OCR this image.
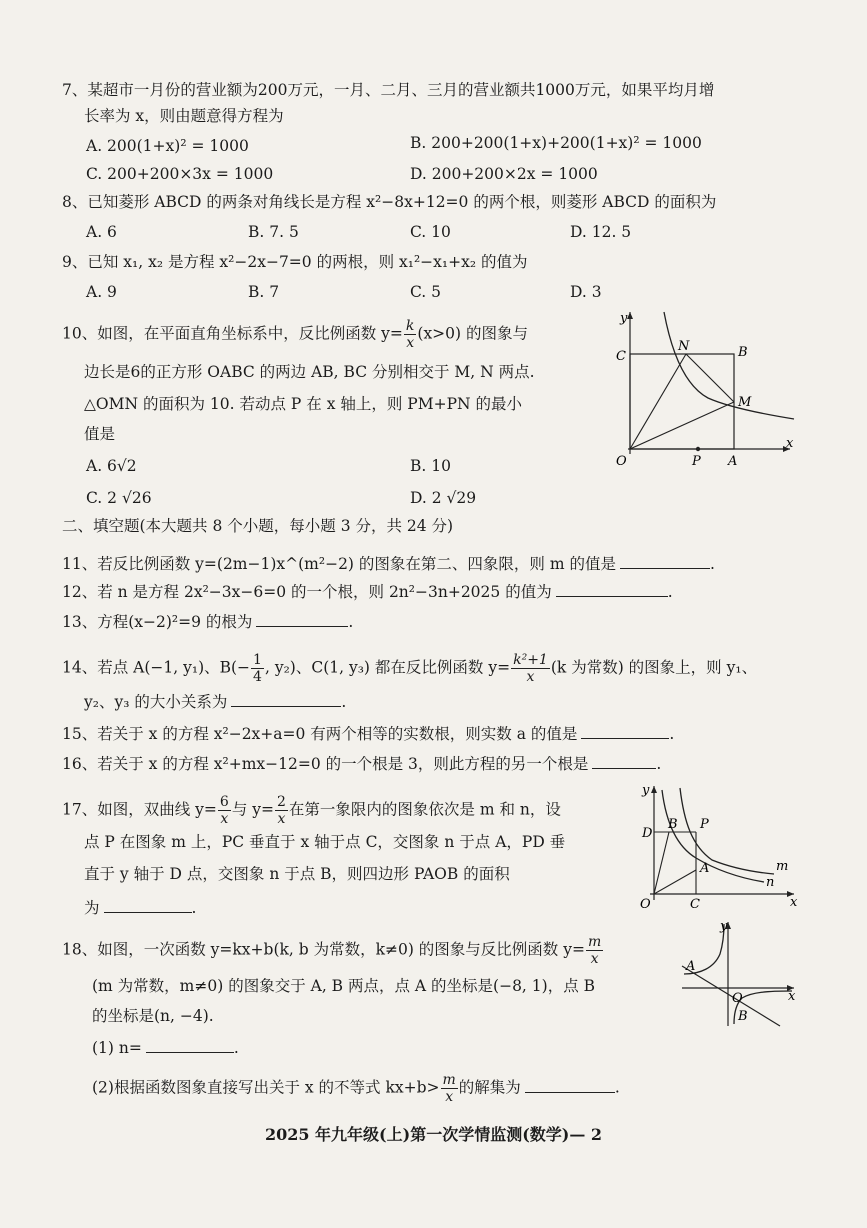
7、某超市一月份的营业额为200万元，一月、二月、三月的营业额共1000万元，如果平均月增
长率为 x，则由题意得方程为
A. 200(1+x)² = 1000	B. 200+200(1+x)+200(1+x)² = 1000
C. 200+200×3x = 1000	D. 200+200×2x = 1000
8、已知菱形 ABCD 的两条对角线长是方程 x²−8x+12=0 的两个根，则菱形 ABCD 的面积为
A. 6	B. 7. 5	C. 10	D. 12. 5
9、已知 x₁, x₂ 是方程 x²−2x−7=0 的两根，则 x₁²−x₁+x₂ 的值为
A. 9	B. 7	C. 5	D. 3
10、如图，在平面直角坐标系中，反比例函数 $y= \frac{k}{x} (x>0)$ 的图象与
边长是6的正方形 OABC 的两边 AB, BC 分别相交于 M, N 两点.
△OMN 的面积为 10. 若动点 P 在 x 轴上，则 PM+PN 的最小
值是
A. 6√2	B. 10
C. 2 √26	D. 2 √29
y
x
O	A
B
C
M
N
P
二、填空题(本大题共 8 个小题，每小题 3 分，共 24 分)
11、若反比例函数 y=(2m−1)x^(m²−2) 的图象在第二、四象限，则 m 的值是	.
12、若 n 是方程 2x²−3x−6=0 的一个根，则 2n²−3n+2025 的值为	.
13、方程(x−2)²=9 的根为	.
14、若点 A(−1, y₁)、$B(- \frac{1}{4}$ , y₂)、C(1, y₃) 都在反比例函数 $y= \frac{\text{k²+1}}{x} (k$ 为常数) 的图象上，则 y₁、
y₂、y₃ 的大小关系为	.
15、若关于 x 的方程 x²−2x+a=0 有两个相等的实数根，则实数 a 的值是	.
16、若关于 x 的方程 x²+mx−12=0 的一个根是 3，则此方程的另一个根是	.
17、如图，双曲线 $y= \frac{6}{x}$ 与 $y= \frac{2}{x}$ 在第一象限内的图象依次是 m 和 n，设
点 P 在图象 m 上，PC 垂直于 x 轴于点 C，交图象 n 于点 A，PD 垂
直于 y 轴于 D 点，交图象 n 于点 B，则四边形 PAOB 的面积
为	.
y
x
O
D
B P
A
C
m
n
18、如图，一次函数 y=kx+b(k, b 为常数，k≠0) 的图象与反比例函数 $y= \frac{m}{x}$
(m 为常数，m≠0) 的图象交于 A, B 两点，点 A 的坐标是(−8, 1)，点 B
的坐标是(n, −4).
(1) n=	.
(2)根据函数图象直接写出关于 x 的不等式 $kx+b> \frac{m}{x}$ 的解集为	.
y
x
O
A
B
2025 年九年级(上)第一次学情监测(数学)— 2
